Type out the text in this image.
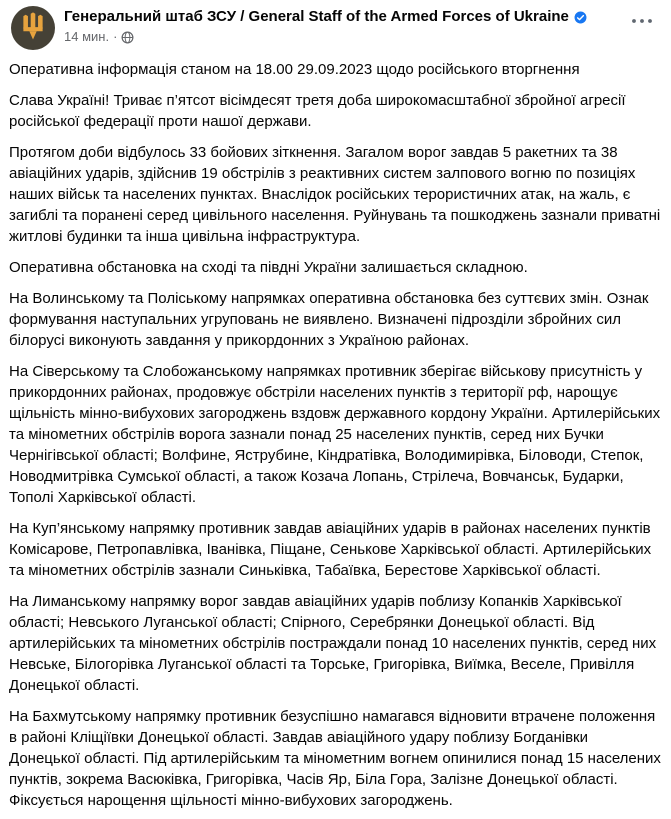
Генеральний штаб ЗСУ / General Staff of the Armed Forces of Ukraine
14 мин. ·

Оперативна інформація станом на 18.00 29.09.2023 щодо російського вторгнення

Слава Україні! Триває п’ятсот вісімдесят третя доба широкомасштабної збройної агресії російської федерації проти нашої держави.

Протягом доби відбулось 33 бойових зіткнення. Загалом ворог завдав 5 ракетних та 38 авіаційних ударів, здійснив 19 обстрілів з реактивних систем залпового вогню по позиціях наших військ та населених пунктах. Внаслідок російських терористичних атак, на жаль, є загиблі та поранені серед цивільного населення. Руйнувань та пошкоджень зазнали приватні житлові будинки та інша цивільна інфраструктура.

Оперативна обстановка на сході та півдні України залишається складною.

На Волинському та Поліському напрямках оперативна обстановка без суттєвих змін. Ознак формування наступальних угруповань не виявлено. Визначені підрозділи збройних сил білорусі виконують завдання у прикордонних з Україною районах.

На Сіверському та Слобожанському напрямках противник зберігає військову присутність у прикордонних районах, продовжує обстріли населених пунктів з території рф, нарощує щільність мінно-вибухових загороджень вздовж державного кордону України. Артилерійських та мінометних обстрілів ворога зазнали понад 25 населених пунктів, серед них Бучки Чернігівської області; Волфине, Яструбине, Кіндратівка, Володимирівка, Біловоди, Степок, Новодмитрівка Сумської області, а також Козача Лопань, Стрілеча, Вовчанськ, Бударки, Тополі Харківської області.

На Куп’янському напрямку противник завдав авіаційних ударів в районах населених пунктів Комісарове, Петропавлівка, Іванівка, Піщане, Сенькове Харківської області. Артилерійських та мінометних обстрілів зазнали Синьківка, Табаївка, Берестове Харківської області.

На Лиманському напрямку ворог завдав авіаційних ударів поблизу Копанків Харківської області; Невського Луганської області; Спірного, Серебрянки Донецької області. Від артилерійських та мінометних обстрілів постраждали понад 10 населених пунктів, серед них Невське, Білогорівка Луганської області та Торське, Григорівка, Виїмка, Веселе, Привілля Донецької області.

На Бахмутському напрямку противник безуспішно намагався відновити втрачене положення в районі Кліщіївки Донецької області. Завдав авіаційного удару поблизу Богданівки Донецької області. Під артилерійським та мінометним вогнем опинилися понад 15 населених пунктів, зокрема Васюківка, Григорівка, Часів Яр, Біла Гора, Залізне Донецької області. Фіксується нарощення щільності мінно-вибухових загороджень.
